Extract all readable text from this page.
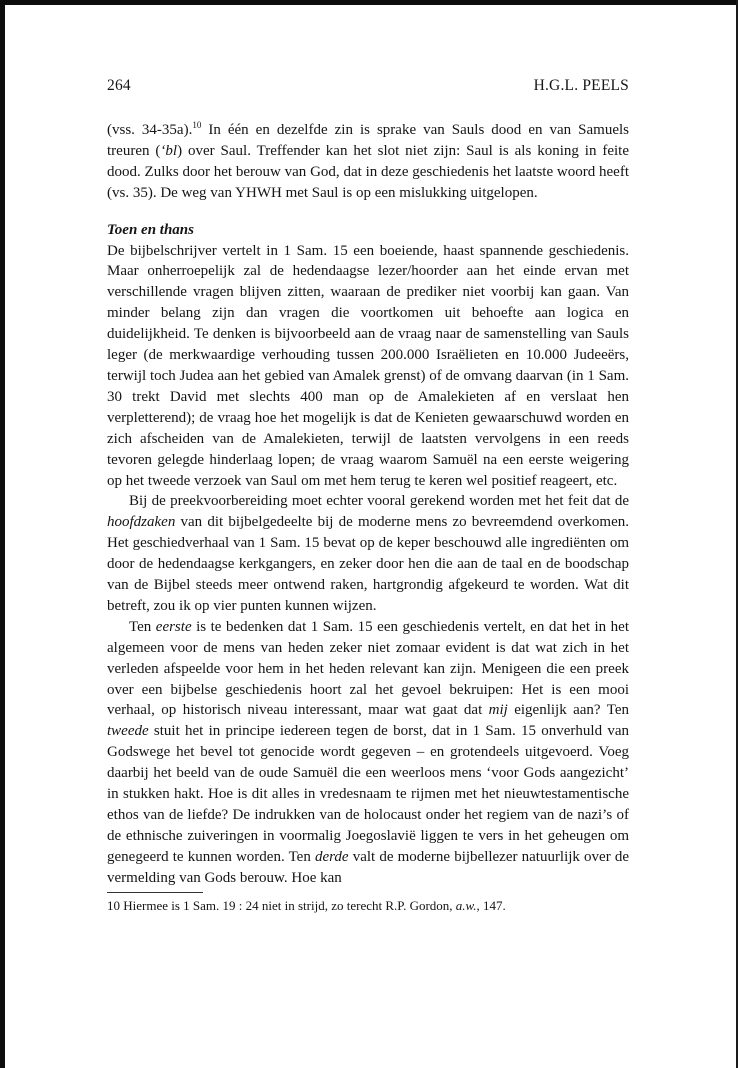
264	H.G.L. PEELS

(vss. 34-35a).$^{10}$ In één en dezelfde zin is sprake van Sauls dood en van Samuels treuren (‘bl) over Saul. Treffender kan het slot niet zijn: Saul is als koning in feite dood. Zulks door het berouw van God, dat in deze geschiedenis het laatste woord heeft (vs. 35). De weg van YHWH met Saul is op een mislukking uitgelopen.

Toen en thans

De bijbelschrijver vertelt in 1 Sam. 15 een boeiende, haast spannende geschiedenis. Maar onherroepelijk zal de hedendaagse lezer/hoorder aan het einde ervan met verschillende vragen blijven zitten, waaraan de prediker niet voorbij kan gaan. Van minder belang zijn dan vragen die voortkomen uit behoefte aan logica en duidelijkheid. Te denken is bijvoorbeeld aan de vraag naar de samenstelling van Sauls leger (de merkwaardige verhouding tussen 200.000 Israëlieten en 10.000 Judeeërs, terwijl toch Judea aan het gebied van Amalek grenst) of de omvang daarvan (in 1 Sam. 30 trekt David met slechts 400 man op de Amalekieten af en verslaat hen verpletterend); de vraag hoe het mogelijk is dat de Kenieten gewaarschuwd worden en zich afscheiden van de Amalekieten, terwijl de laatsten vervolgens in een reeds tevoren gelegde hinderlaag lopen; de vraag waarom Samuël na een eerste weigering op het tweede verzoek van Saul om met hem terug te keren wel positief reageert, etc.

Bij de preekvoorbereiding moet echter vooral gerekend worden met het feit dat de hoofdzaken van dit bijbelgedeelte bij de moderne mens zo bevreemdend overkomen. Het geschiedverhaal van 1 Sam. 15 bevat op de keper beschouwd alle ingrediënten om door de hedendaagse kerkgangers, en zeker door hen die aan de taal en de boodschap van de Bijbel steeds meer ontwend raken, hartgrondig afgekeurd te worden. Wat dit betreft, zou ik op vier punten kunnen wijzen.

Ten eerste is te bedenken dat 1 Sam. 15 een geschiedenis vertelt, en dat het in het algemeen voor de mens van heden zeker niet zomaar evident is dat wat zich in het verleden afspeelde voor hem in het heden relevant kan zijn. Menigeen die een preek over een bijbelse geschiedenis hoort zal het gevoel bekruipen: Het is een mooi verhaal, op historisch niveau interessant, maar wat gaat dat mij eigenlijk aan? Ten tweede stuit het in principe iedereen tegen de borst, dat in 1 Sam. 15 onverhuld van Godswege het bevel tot genocide wordt gegeven – en grotendeels uitgevoerd. Voeg daarbij het beeld van de oude Samuël die een weerloos mens ‘voor Gods aangezicht’ in stukken hakt. Hoe is dit alles in vredesnaam te rijmen met het nieuwtestamentische ethos van de liefde? De indrukken van de holocaust onder het regiem van de nazi’s of de ethnische zuiveringen in voormalig Joegoslavië liggen te vers in het geheugen om genegeerd te kunnen worden. Ten derde valt de moderne bijbellezer natuurlijk over de vermelding van Gods berouw. Hoe kan

10 Hiermee is 1 Sam. 19 : 24 niet in strijd, zo terecht R.P. Gordon, a.w., 147.
